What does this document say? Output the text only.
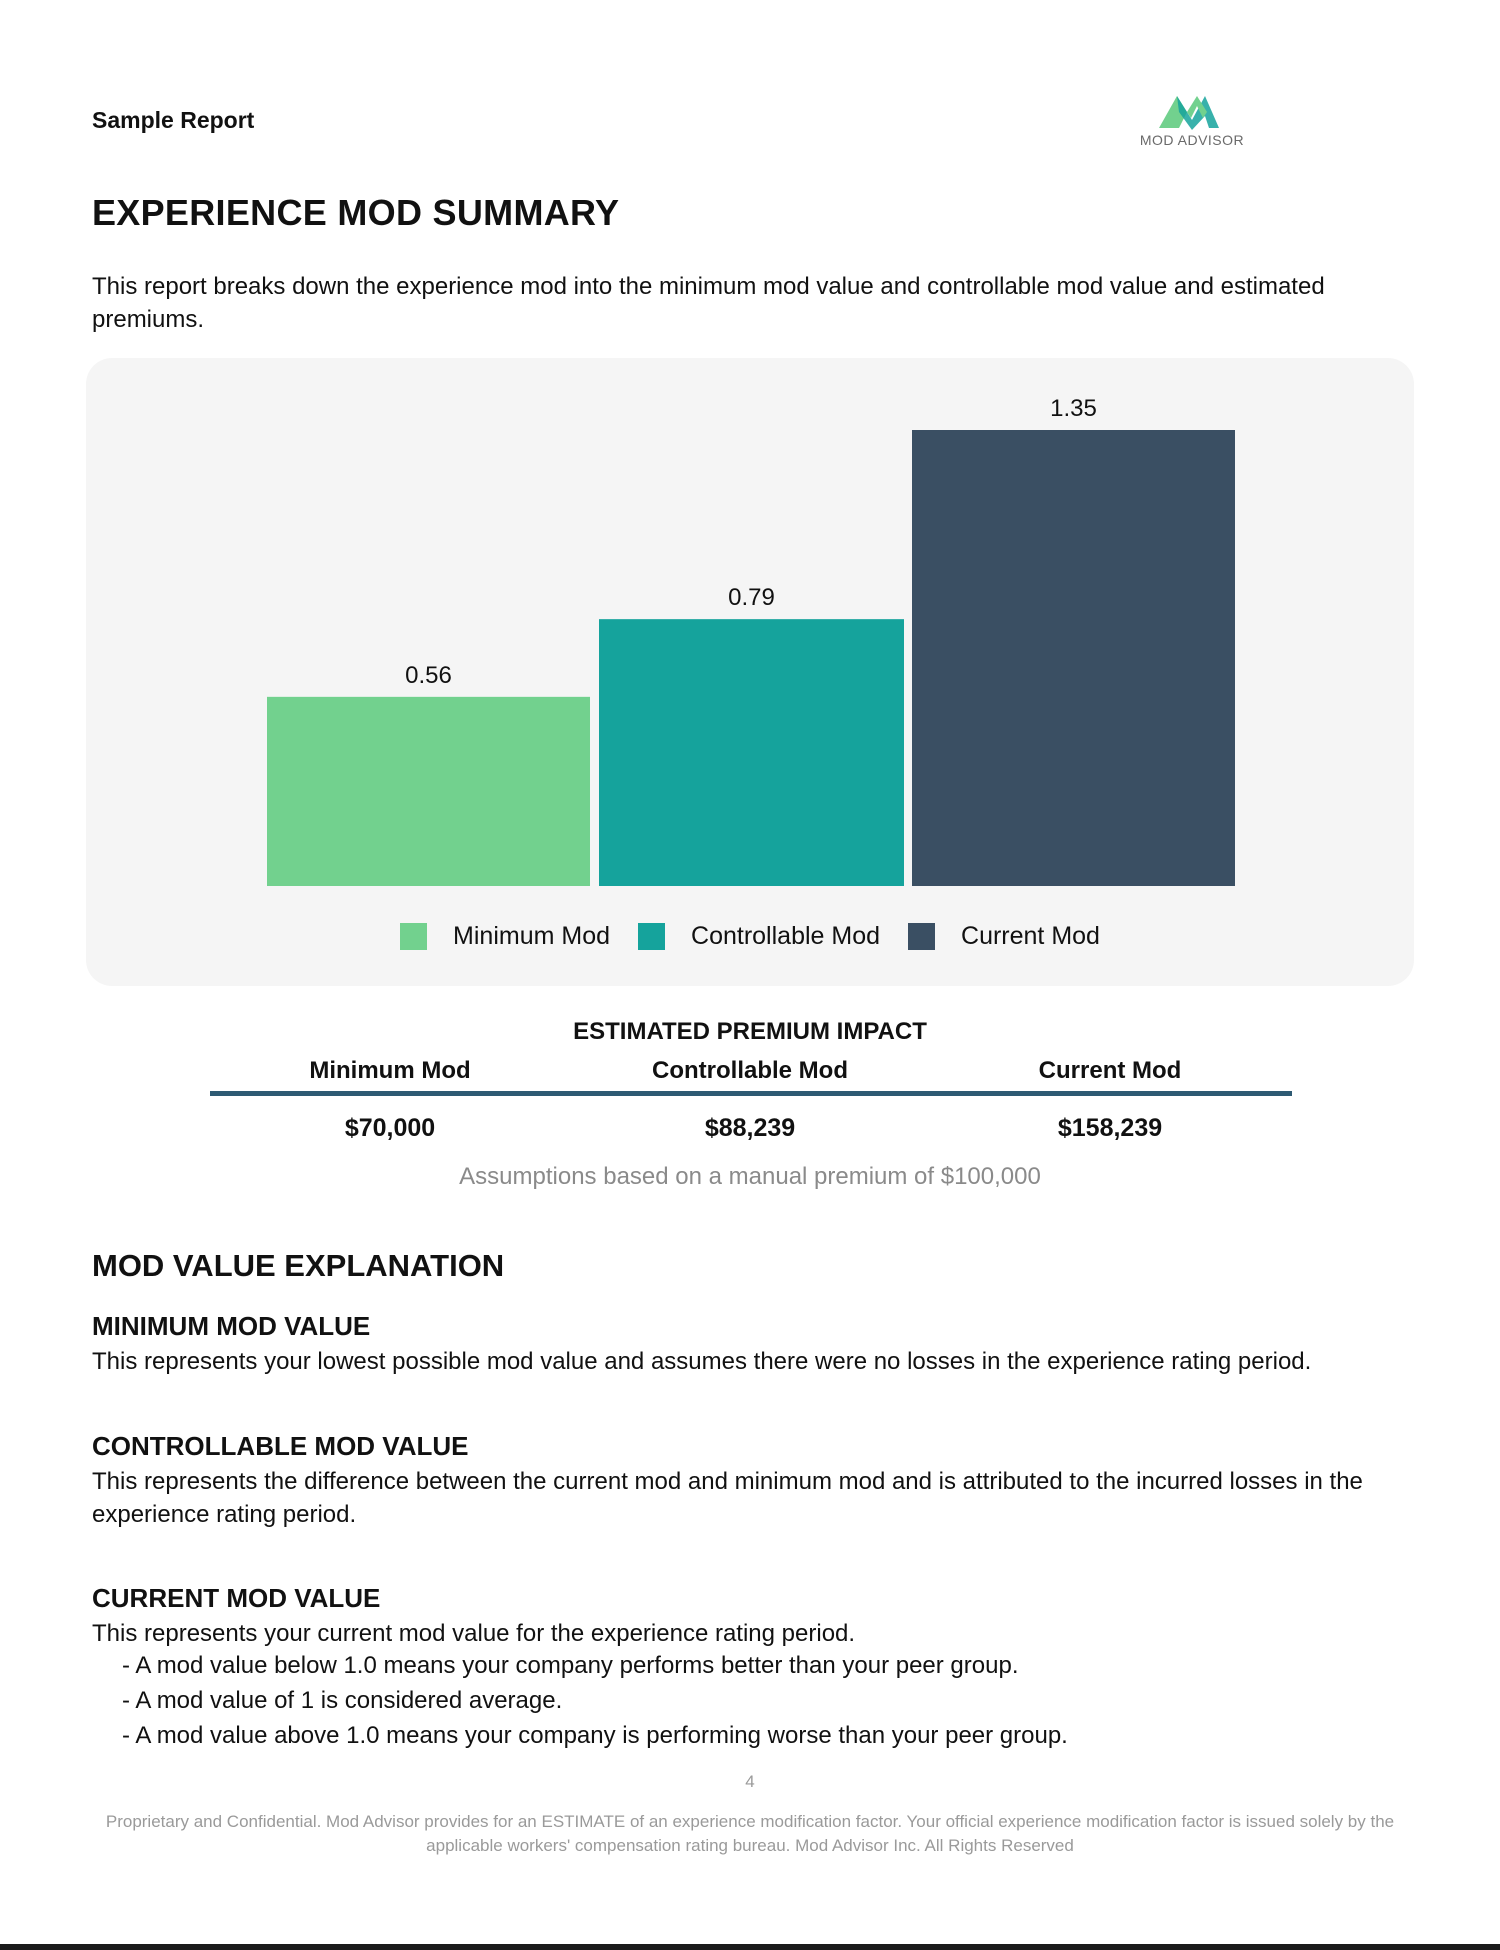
Sample Report
MOD ADVISOR
EXPERIENCE MOD SUMMARY
This report breaks down the experience mod into the minimum mod value and controllable mod value and estimated premiums.
0.56
0.79
1.35
Minimum Mod	Controllable Mod	Current Mod
ESTIMATED PREMIUM IMPACT
Minimum Mod	Controllable Mod	Current Mod
$70,000	$88,239	$158,239
Assumptions based on a manual premium of $100,000
MOD VALUE EXPLANATION
MINIMUM MOD VALUE
This represents your lowest possible mod value and assumes there were no losses in the experience rating period.
CONTROLLABLE MOD VALUE
This represents the difference between the current mod and minimum mod and is attributed to the incurred losses in the experience rating period.
CURRENT MOD VALUE
This represents your current mod value for the experience rating period.
- A mod value below 1.0 means your company performs better than your peer group.
- A mod value of 1 is considered average.
- A mod value above 1.0 means your company is performing worse than your peer group.
4
Proprietary and Confidential. Mod Advisor provides for an ESTIMATE of an experience modification factor. Your official experience modification factor is issued solely by the applicable workers' compensation rating bureau. Mod Advisor Inc. All Rights Reserved
